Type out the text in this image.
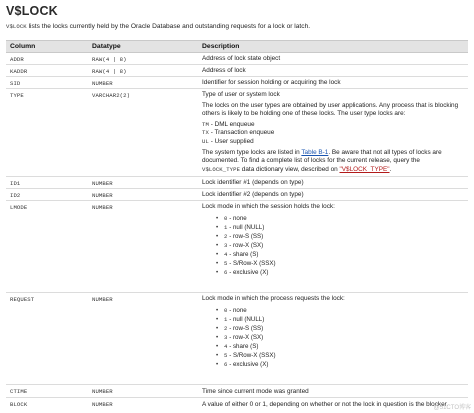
V$LOCK
V$LOCK lists the locks currently held by the Oracle Database and outstanding requests for a lock or latch.
Column	Datatype	Description
ADDR	RAW(4 | 8)	Address of lock state object

KADDR	RAW(4 | 8)	Address of lock

SID	NUMBER	Identifier for session holding or acquiring the lock

TYPE	VARCHAR2(2)	Type of user or system lock

The locks on the user types are obtained by user applications. Any process that is blocking

others is likely to be holding one of these locks. The user type locks are:

TM - DML enqueue

TX - Transaction enqueue

UL - User supplied

The system type locks are listed in Table B-1. Be aware that not all types of locks are

documented. To find a complete list of locks for the current release, query the

V$LOCK_TYPE data dictionary view, described on "V$LOCK_TYPE".

ID1	NUMBER	Lock identifier #1 (depends on type)

ID2	NUMBER	Lock identifier #2 (depends on type)

LMODE	NUMBER	Lock mode in which the session holds the lock:

• 0 - none
• 1 - null (NULL)
• 2 - row-S (SS)
• 3 - row-X (SX)
• 4 - share (S)
• 5 - S/Row-X (SSX)
• 6 - exclusive (X)
REQUEST	NUMBER	Lock mode in which the process requests the lock:

• 0 - none
• 1 - null (NULL)
• 2 - row-S (SS)
• 3 - row-X (SX)
• 4 - share (S)
• 5 - S/Row-X (SSX)
• 6 - exclusive (X)
CTIME	NUMBER	Time since current mode was granted

BLOCK	NUMBER	A value of either 0 or 1, depending on whether or not the lock in question is the blocker.

@51CTO博客
